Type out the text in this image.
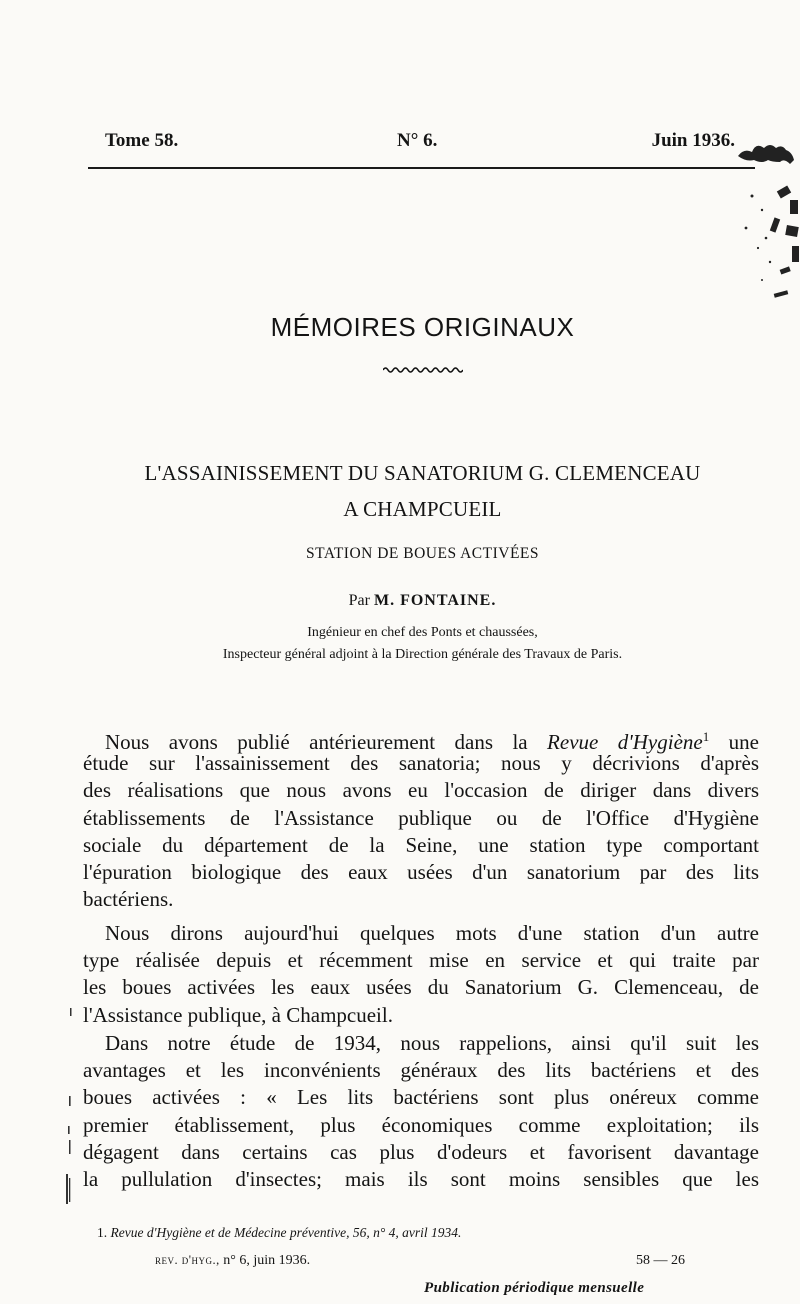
Tome 58.	N° 6.	Juin 1936.
MÉMOIRES ORIGINAUX
L'ASSAINISSEMENT DU SANATORIUM G. CLEMENCEAU
A CHAMPCUEIL
STATION DE BOUES ACTIVÉES
Par M. FONTAINE.
Ingénieur en chef des Ponts et chaussées,
Inspecteur général adjoint à la Direction générale des Travaux de Paris.
Nous avons publié antérieurement dans la Revue d'Hygiène$^1$ une
étude sur l'assainissement des sanatoria; nous y décrivions d'après
des réalisations que nous avons eu l'occasion de diriger dans divers
établissements de l'Assistance publique ou de l'Office d'Hygiène
sociale du département de la Seine, une station type comportant
l'épuration biologique des eaux usées d'un sanatorium par des lits
bactériens.
Nous dirons aujourd'hui quelques mots d'une station d'un autre
type réalisée depuis et récemment mise en service et qui traite par
les boues activées les eaux usées du Sanatorium G. Clemenceau, de
l'Assistance publique, à Champcueil.
Dans notre étude de 1934, nous rappelions, ainsi qu'il suit les
avantages et les inconvénients généraux des lits bactériens et des
boues activées : « Les lits bactériens sont plus onéreux comme
premier établissement, plus économiques comme exploitation; ils
dégagent dans certains cas plus d'odeurs et favorisent davantage
la pullulation d'insectes; mais ils sont moins sensibles que les
1. Revue d'Hygiène et de Médecine préventive, 56, n° 4, avril 1934.
rev. d'hyg., n° 6, juin 1936.	58 — 26
Publication périodique mensuelle
